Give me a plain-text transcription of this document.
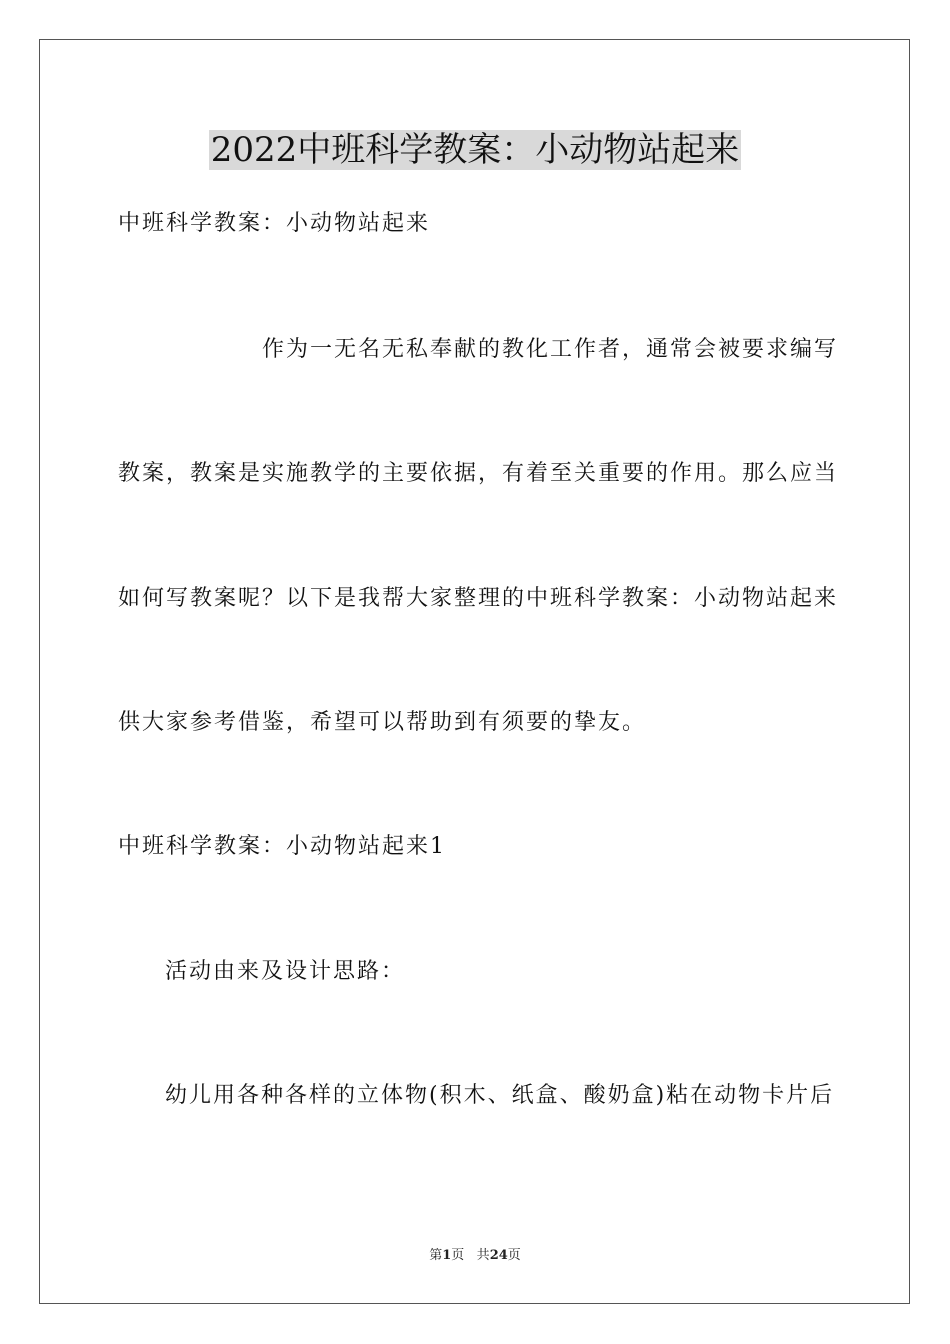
2022中班科学教案：小动物站起来
中班科学教案：小动物站起来
作为一无名无私奉献的教化工作者，通常会被要求编写
教案，教案是实施教学的主要依据，有着至关重要的作用。那么应当
如何写教案呢？以下是我帮大家整理的中班科学教案：小动物站起来
供大家参考借鉴，希望可以帮助到有须要的挚友。
中班科学教案：小动物站起来1
活动由来及设计思路：
幼儿用各种各样的立体物(积木、纸盒、酸奶盒)粘在动物卡片后
第1页 共24页
